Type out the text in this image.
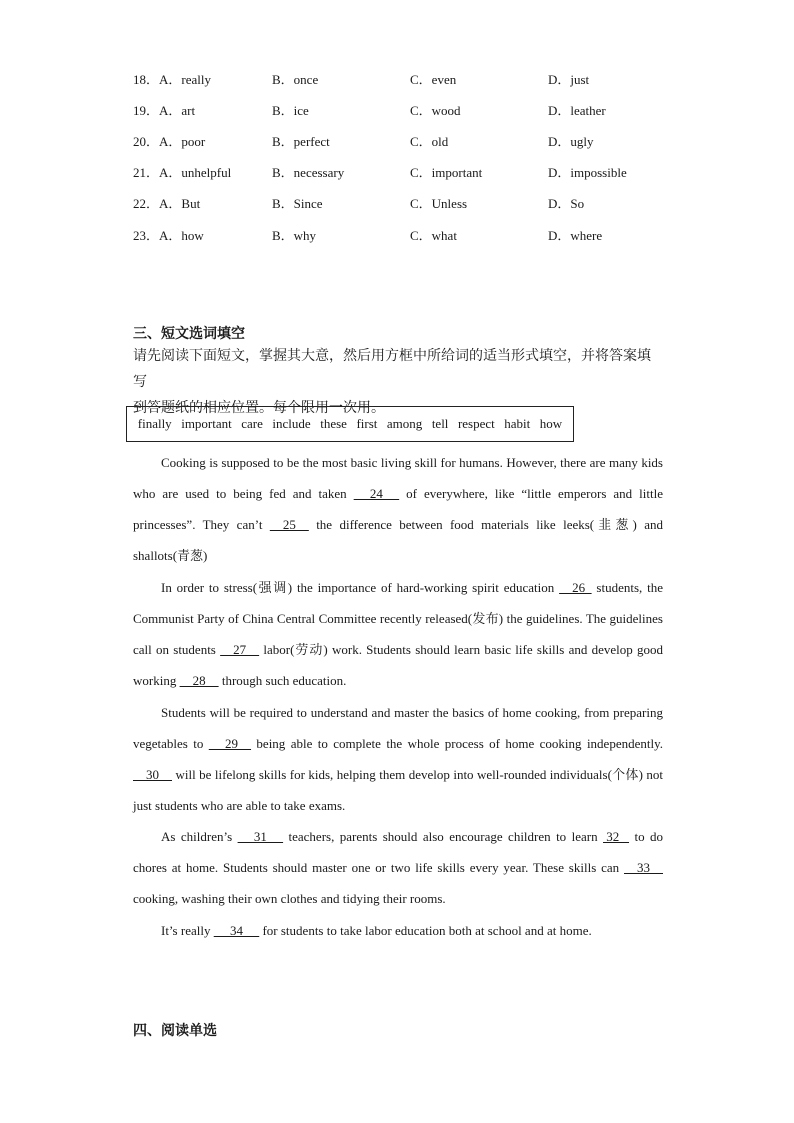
18．A．really	B．once	C．even	D．just
19．A．art	B．ice	C．wood	D．leather
20．A．poor	B．perfect	C．old	D．ugly
21．A．unhelpful	B．necessary	C．important	D．impossible
22．A．But	B．Since	C．Unless	D．So
23．A．how	B．why	C．what	D．where
三、短文选词填空
请先阅读下面短文，掌握其大意，然后用方框中所给词的适当形式填空，并将答案填写
到答题纸的相应位置。每个限用一次用。
finally important care include these first among tell respect habit how
Cooking is supposed to be the most basic living skill for humans. However, there are many kids who are used to being fed and taken      24      of everywhere, like “little emperors and little princesses”. They can’t     25     the difference between food materials like leeks(韭葱) and shallots(青葱)
In order to stress(强调) the importance of hard-working spirit education     26   students, the Communist Party of China Central Committee recently released(发布) the guidelines. The guidelines call on students     27     labor(劳动) work. Students should learn basic life skills and develop good working     28     through such education.
Students will be required to understand and master the basics of home cooking, from preparing vegetables to      29     being able to complete the whole process of home cooking independently.     30     will be lifelong skills for kids, helping them develop into well-rounded individuals(个体) not just students who are able to take exams.
As children’s      31      teachers, parents should also encourage children to learn  32    to do chores at home. Students should master one or two life skills every year. These skills can     33     cooking, washing their own clothes and tidying their rooms.
It’s really      34      for students to take labor education both at school and at home.
四、阅读单选
